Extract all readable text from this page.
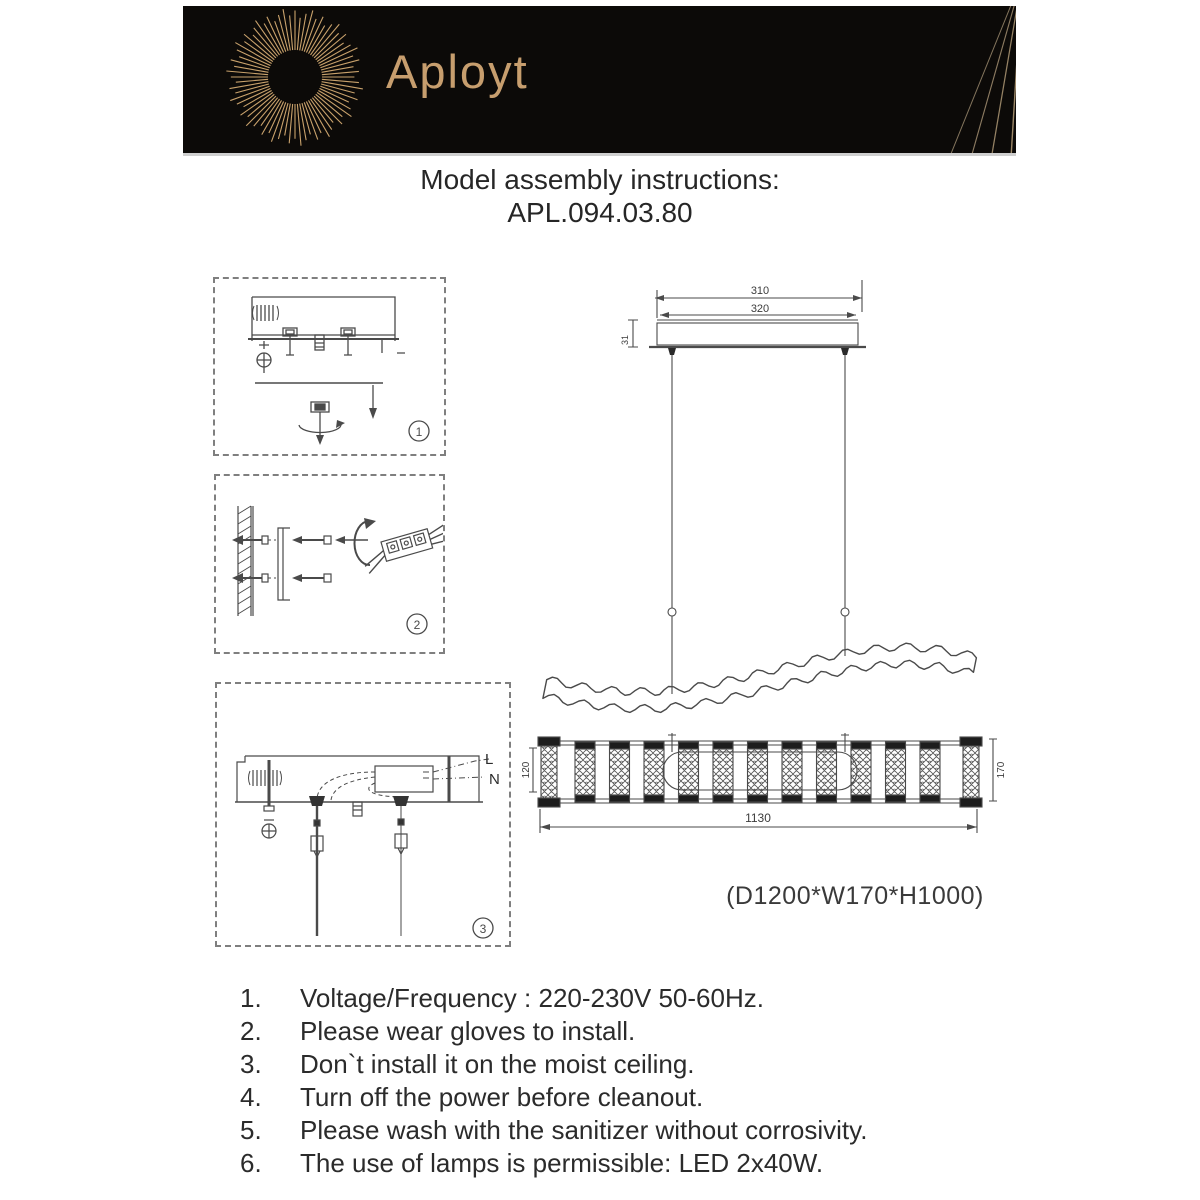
Aployt
Model assembly instructions:
APL.094.03.80
1
2
L
N
3
310
320
31
120	170
1130
(D1200*W170*H1000)
1.	Voltage/Frequency : 220-230V 50-60Hz.
2.	Please wear gloves to install.
3.	Don`t install it on the moist ceiling.
4.	Turn off the power before cleanout.
5.	Please wash with the sanitizer without corrosivity.
6.	The use of lamps is permissible: LED 2x40W.
